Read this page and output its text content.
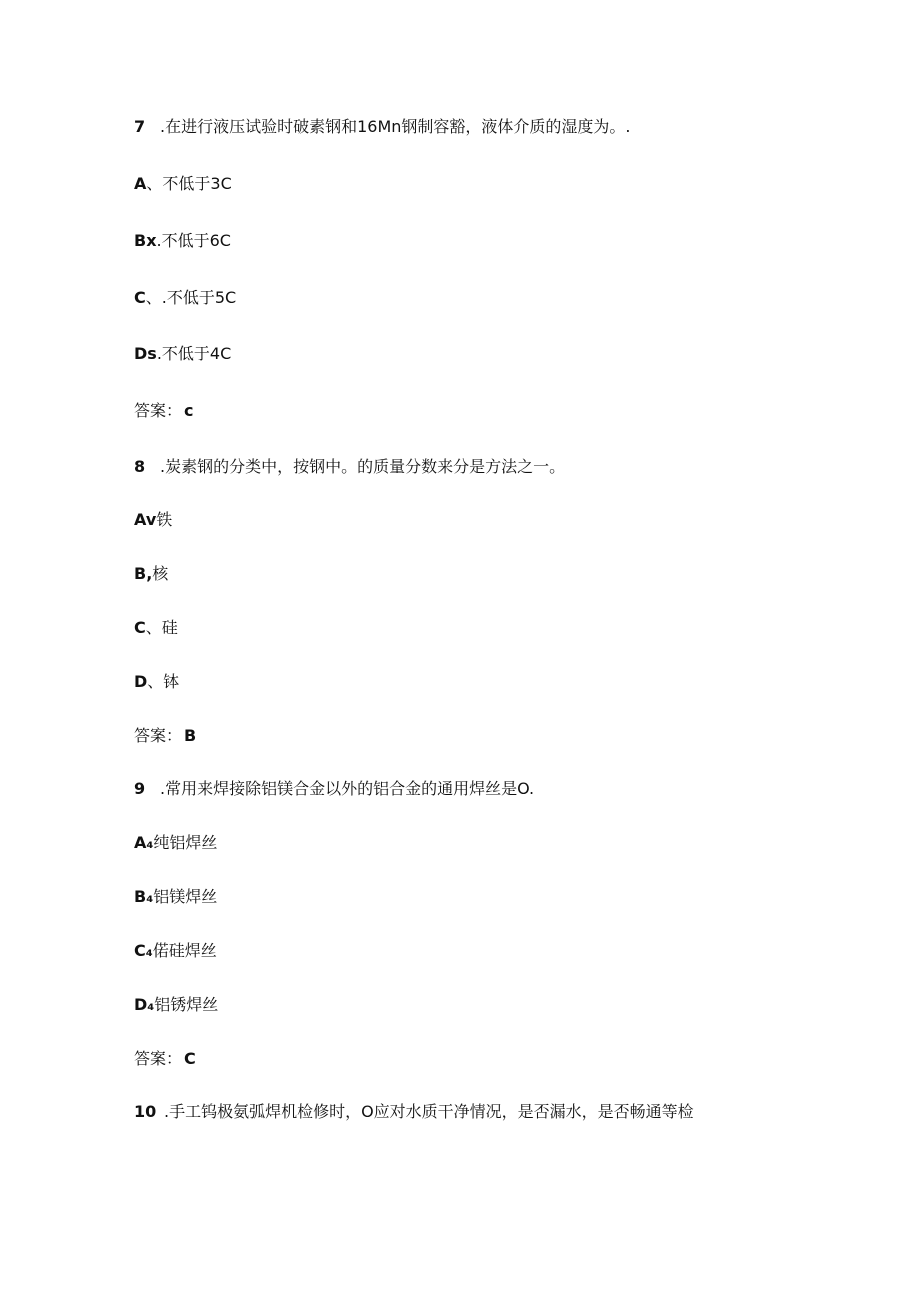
7 .在进行液压试验时破素钢和16Mn钢制容豁，液体介质的湿度为。.
A、不低于3C
Bx.不低于6C
C、.不低于5C
Ds.不低于4C
答案： c
8 .炭素钢的分类中，按钢中。的质量分数来分是方法之一。
Av铁
B,核
C、硅
D、钵
答案： B
9 .常用来焊接除铝镁合金以外的铝合金的通用焊丝是O.
A₄纯铝焊丝
B₄铝镁焊丝
C₄偌硅焊丝
D₄铝锈焊丝
答案： C
10 .手工钨极氨弧焊机检修时，O应对水质干净情况，是否漏水，是否畅通等检
